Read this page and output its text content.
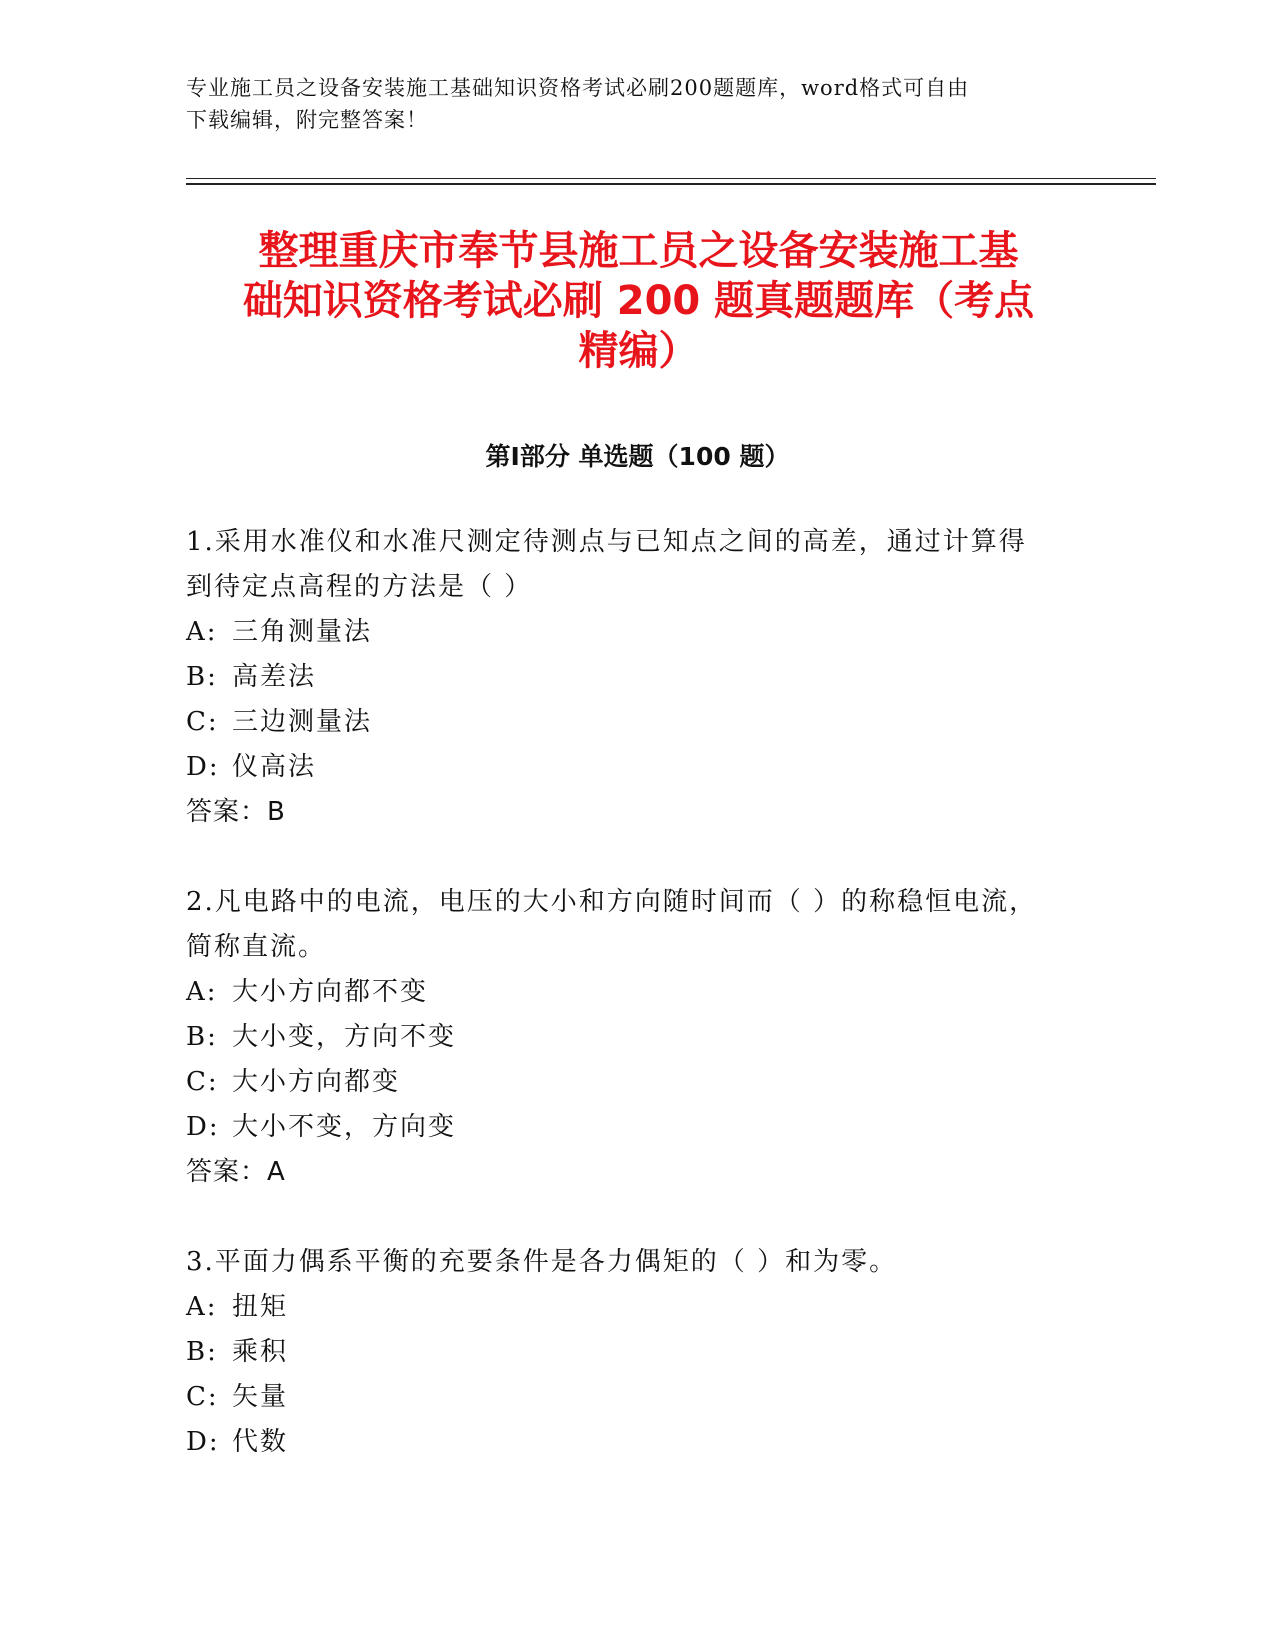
专业施工员之设备安装施工基础知识资格考试必刷200题题库，word格式可自由
下载编辑，附完整答案！
整理重庆市奉节县施工员之设备安装施工基
础知识资格考试必刷 200 题真题题库（考点
精编）
第Ⅰ部分 单选题（100 题）
1.采用水准仪和水准尺测定待测点与已知点之间的高差，通过计算得
到待定点高程的方法是（ ）
A: 三角测量法
B: 高差法
C: 三边测量法
D: 仪高法
答案：B
2.凡电路中的电流，电压的大小和方向随时间而（ ）的称稳恒电流，
简称直流。
A: 大小方向都不变
B: 大小变，方向不变
C: 大小方向都变
D: 大小不变，方向变
答案：A
3.平面力偶系平衡的充要条件是各力偶矩的（ ）和为零。
A: 扭矩
B: 乘积
C: 矢量
D: 代数
